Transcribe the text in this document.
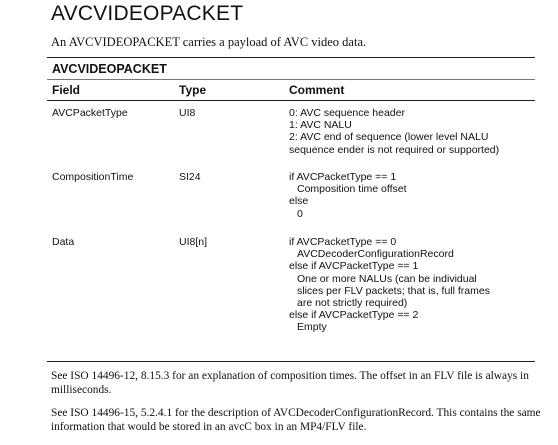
AVCVIDEOPACKET
An AVCVIDEOPACKET carries a payload of AVC video data.
AVCVIDEOPACKET
Field	Type	Comment
AVCPacketType	UI8	0: AVC sequence header
1: AVC NALU
2: AVC end of sequence (lower level NALU
sequence ender is not required or supported)
CompositionTime	SI24	if AVCPacketType == 1
Composition time offset
else
0
Data	UI8[n]	if AVCPacketType == 0
AVCDecoderConfigurationRecord
else if AVCPacketType == 1
One or more NALUs (can be individual
slices per FLV packets; that is, full frames
are not strictly required)
else if AVCPacketType == 2
Empty
See ISO 14496-12, 8.15.3 for an explanation of composition times. The offset in an FLV file is always in milliseconds.
See ISO 14496-15, 5.2.4.1 for the description of AVCDecoderConfigurationRecord. This contains the same information that would be stored in an avcC box in an MP4/FLV file.
